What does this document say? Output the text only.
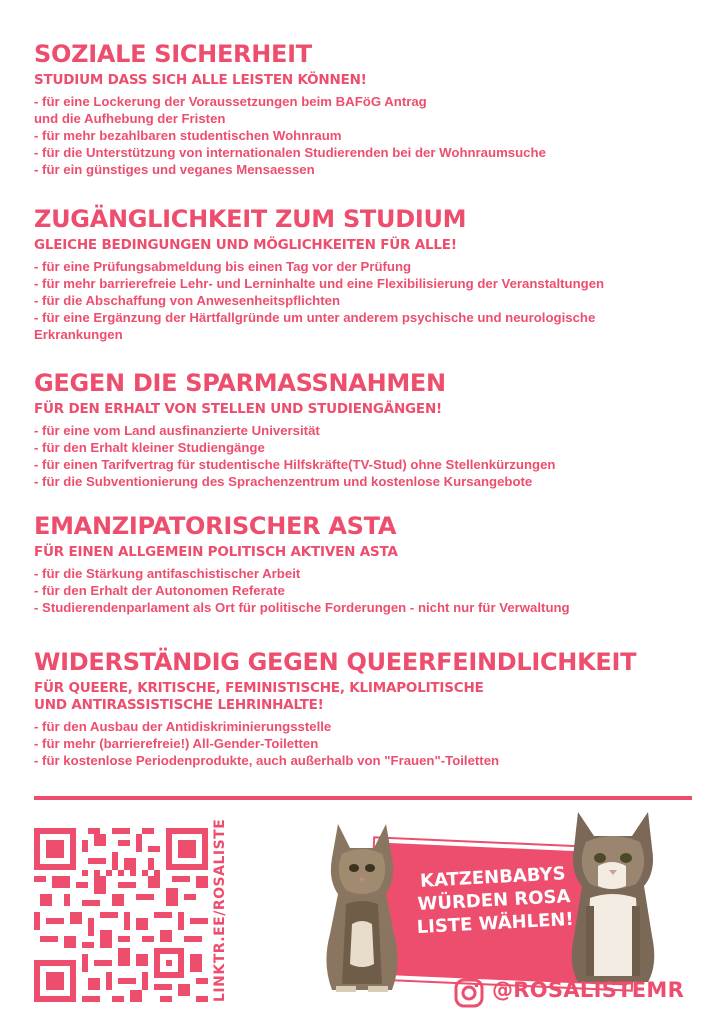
SOZIALE SICHERHEIT
STUDIUM DASS SICH ALLE LEISTEN KÖNNEN!
- für eine Lockerung der Voraussetzungen beim BAFöG Antrag
und die Aufhebung der Fristen
- für mehr bezahlbaren studentischen Wohnraum
- für die Unterstützung von internationalen Studierenden bei der Wohnraumsuche
- für ein günstiges und veganes Mensaessen
ZUGÄNGLICHKEIT ZUM STUDIUM
GLEICHE BEDINGUNGEN UND MÖGLICHKEITEN FÜR ALLE!
- für eine Prüfungsabmeldung bis einen Tag vor der Prüfung
- für mehr barrierefreie Lehr- und Lerninhalte und eine Flexibilisierung der Veranstaltungen
- für die Abschaffung von Anwesenheitspflichten
- für eine Ergänzung der Härtfallgründe um unter anderem psychische und neurologische
Erkrankungen
GEGEN DIE SPARMASSNAHMEN
FÜR DEN ERHALT VON STELLEN UND STUDIENGÄNGEN!
- für eine vom Land ausfinanzierte Universität
- für den Erhalt kleiner Studiengänge
- für einen Tarifvertrag für studentische Hilfskräfte(TV-Stud) ohne Stellenkürzungen
- für die Subventionierung des Sprachenzentrum und kostenlose Kursangebote
EMANZIPATORISCHER ASTA
FÜR EINEN ALLGEMEIN POLITISCH AKTIVEN ASTA
- für die Stärkung antifaschistischer Arbeit
- für den Erhalt der Autonomen Referate
- Studierendenparlament als Ort für politische Forderungen - nicht nur für Verwaltung
WIDERSTÄNDIG GEGEN QUEERFEINDLICHKEIT
FÜR QUEERE, KRITISCHE, FEMINISTISCHE, KLIMAPOLITISCHE
UND ANTIRASSISTISCHE LEHRINHALTE!
- für den Ausbau der Antidiskriminierungsstelle
- für mehr (barrierefreie!) All-Gender-Toiletten
- für kostenlose Periodenprodukte, auch außerhalb von "Frauen"-Toiletten
LINKTR.EE/ROSALISTE	KATZENBABYS
WÜRDEN ROSA
LISTE WÄHLEN!
@ROSALISTEMR
